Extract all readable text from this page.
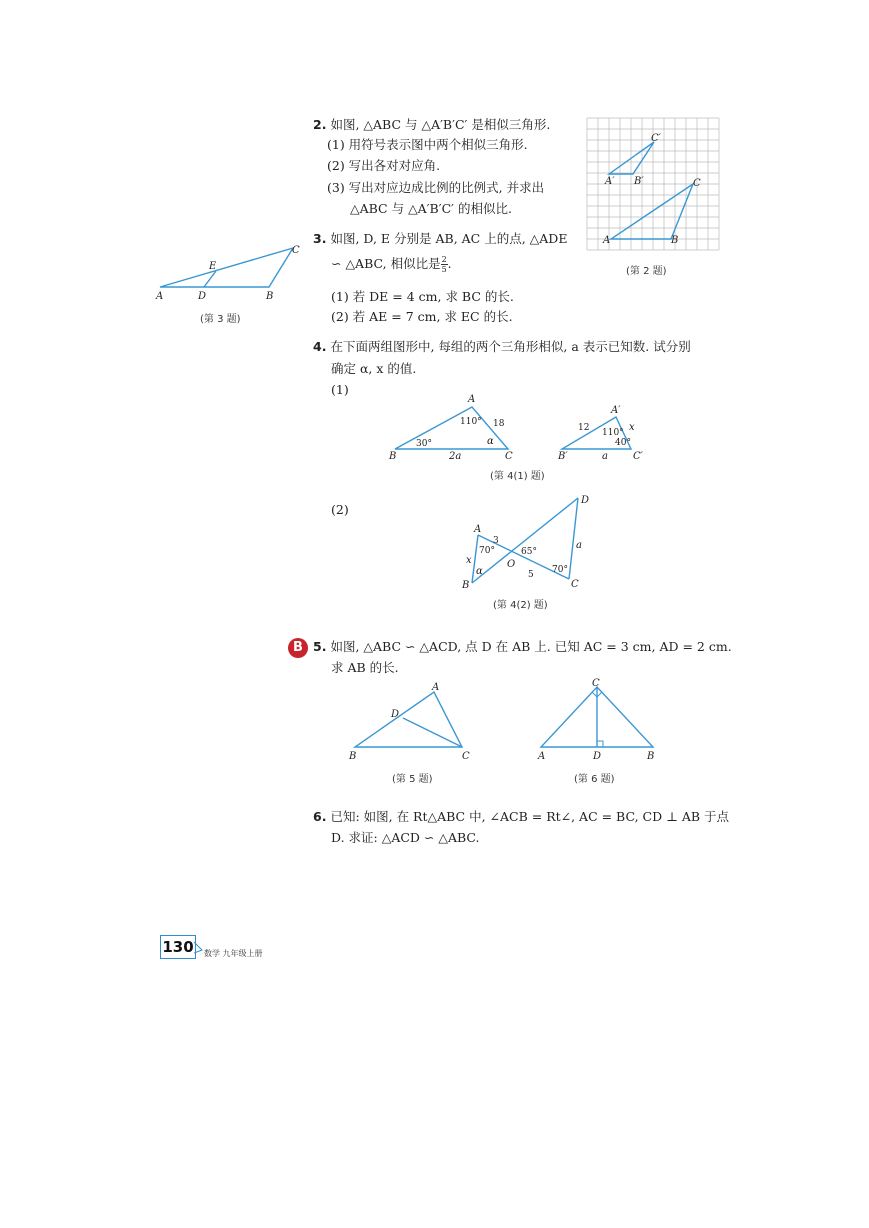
2. 如图, △ABC 与 △A′B′C′ 是相似三角形.
(1) 用符号表示图中两个相似三角形.
(2) 写出各对对应角.
(3) 写出对应边成比例的比例式, 并求出
△ABC 与 △A′B′C′ 的相似比.
C′
A′ B′	C
A	B
(第 2 题)
A	D	B
E
C
(第 3 题)
3. 如图, D, E 分别是 AB, AC 上的点, △ADE
∽ △ABC, 相似比是 $\frac{2}{5}$ .
(1) 若 DE = 4 cm, 求 BC 的长.
(2) 若 AE = 7 cm, 求 EC 的长.
4. 在下面两组图形中, 每组的两个三角形相似, a 表示已知数. 试分别
确定 α, x 的值.
(1)
A
B	C
110°
30°	α
18
2a
A′
B′	C′
110°
40°
12	x
a
(第 4(1) 题)
(2)
A
B	C
D
O
70°
α
65°
70°
3
x
5
a
(第 4(2) 题)
B 5. 如图, △ABC ∽ △ACD, 点 D 在 AB 上. 已知 AC = 3 cm, AD = 2 cm.
求 AB 的长.
A
B	C
D
(第 5 题)
C
A	D	B
(第 6 题)
6. 已知: 如图, 在 Rt△ABC 中, ∠ACB = Rt∠, AC = BC, CD ⊥ AB 于点
D. 求证: △ACD ∽ △ABC.
130 数学 九年级上册
